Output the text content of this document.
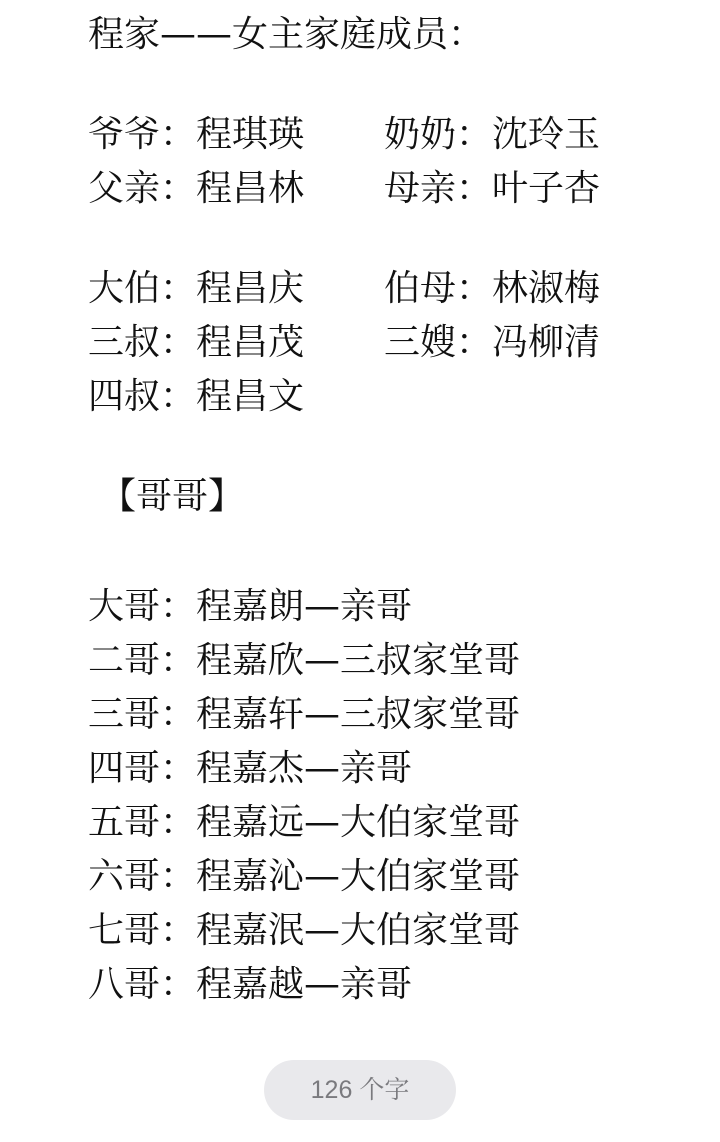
程家——女主家庭成员：
爷爷：程琪瑛	奶奶：沈玲玉
父亲：程昌林	母亲：叶子杏
大伯：程昌庆	伯母：林淑梅
三叔：程昌茂	三嫂：冯柳清
四叔：程昌文
【哥哥】
大哥：程嘉朗—亲哥
二哥：程嘉欣—三叔家堂哥
三哥：程嘉轩—三叔家堂哥
四哥：程嘉杰—亲哥
五哥：程嘉远—大伯家堂哥
六哥：程嘉沁—大伯家堂哥
七哥：程嘉泯—大伯家堂哥
八哥：程嘉越—亲哥
126 个字
